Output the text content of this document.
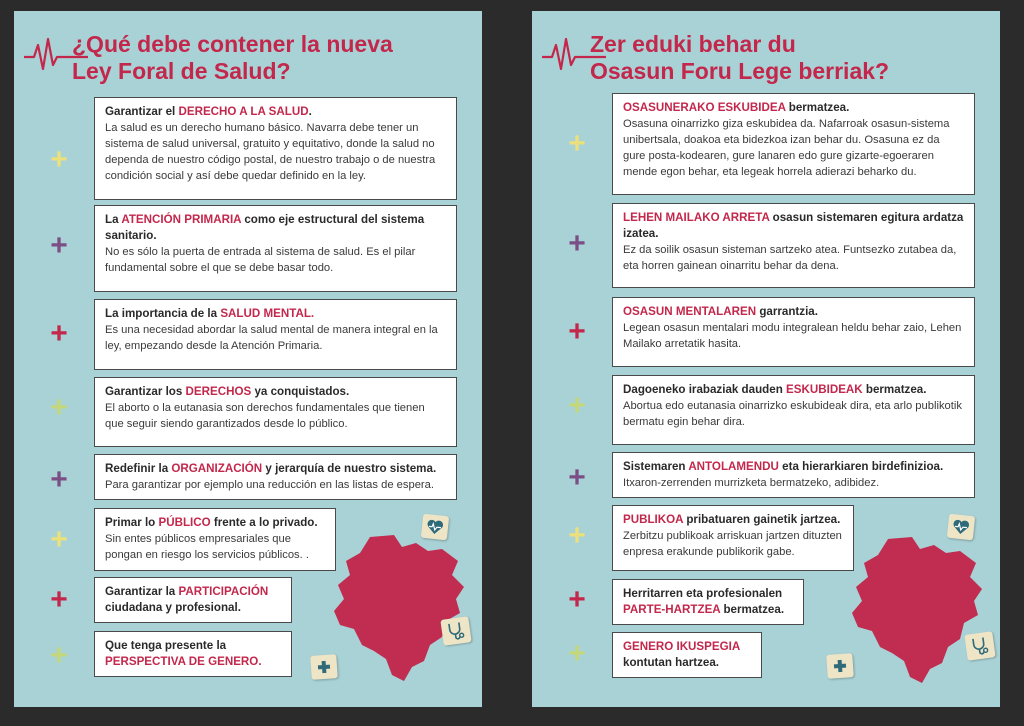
¿Qué debe contener la nueva
Ley Foral de Salud?
Garantizar el DERECHO A LA SALUD.
La salud es un derecho humano básico. Navarra debe tener un sistema de salud universal, gratuito y equitativo, donde la salud no dependa de nuestro código postal, de nuestro trabajo o de nuestra condición social y así debe quedar definido en la ley.
La ATENCIÓN PRIMARIA como eje estructural del sistema sanitario.
No es sólo la puerta de entrada al sistema de salud. Es el pilar fundamental sobre el que se debe basar todo.
La importancia de la SALUD MENTAL.
Es una necesidad abordar la salud mental de manera integral en la ley, empezando desde la Atención Primaria.
Garantizar los DERECHOS ya conquistados.
El aborto o la eutanasia son derechos fundamentales que tienen que seguir siendo garantizados desde lo público.
Redefinir la ORGANIZACIÓN y jerarquía de nuestro sistema.
Para garantizar por ejemplo una reducción en las listas de espera.
Primar lo PÚBLICO frente a lo privado.
Sin entes públicos empresariales que pongan en riesgo los servicios públicos. .
Garantizar la PARTICIPACIÓN ciudadana y profesional.
Que tenga presente la PERSPECTIVA DE GENERO.
+
+
+
+
+
+
+
+
Zer eduki behar du
Osasun Foru Lege berriak?
OSASUNERAKO ESKUBIDEA bermatzea.
Osasuna oinarrizko giza eskubidea da. Nafarroak osasun-sistema unibertsala, doakoa eta bidezkoa izan behar du. Osasuna ez da gure posta-kodearen, gure lanaren edo gure gizarte-egoeraren mende egon behar, eta legeak horrela adierazi beharko du.
LEHEN MAILAKO ARRETA osasun sistemaren egitura ardatza izatea.
Ez da soilik osasun sisteman sartzeko atea. Funtsezko zutabea da, eta horren gainean oinarritu behar da dena.
OSASUN MENTALAREN garrantzia.
Legean osasun mentalari modu integralean heldu behar zaio, Lehen Mailako arretatik hasita.
Dagoeneko irabaziak dauden ESKUBIDEAK bermatzea.
Abortua edo eutanasia oinarrizko eskubideak dira, eta arlo publikotik bermatu egin behar dira.
Sistemaren ANTOLAMENDU eta hierarkiaren birdefinizioa.
Itxaron-zerrenden murrizketa bermatzeko, adibidez.
PUBLIKOA pribatuaren gainetik jartzea.
Zerbitzu publikoak arriskuan jartzen dituzten enpresa erakunde publikorik gabe.
Herritarren eta profesionalen PARTE-HARTZEA bermatzea.
GENERO IKUSPEGIA kontutan hartzea.
+
+
+
+
+
+
+
+
